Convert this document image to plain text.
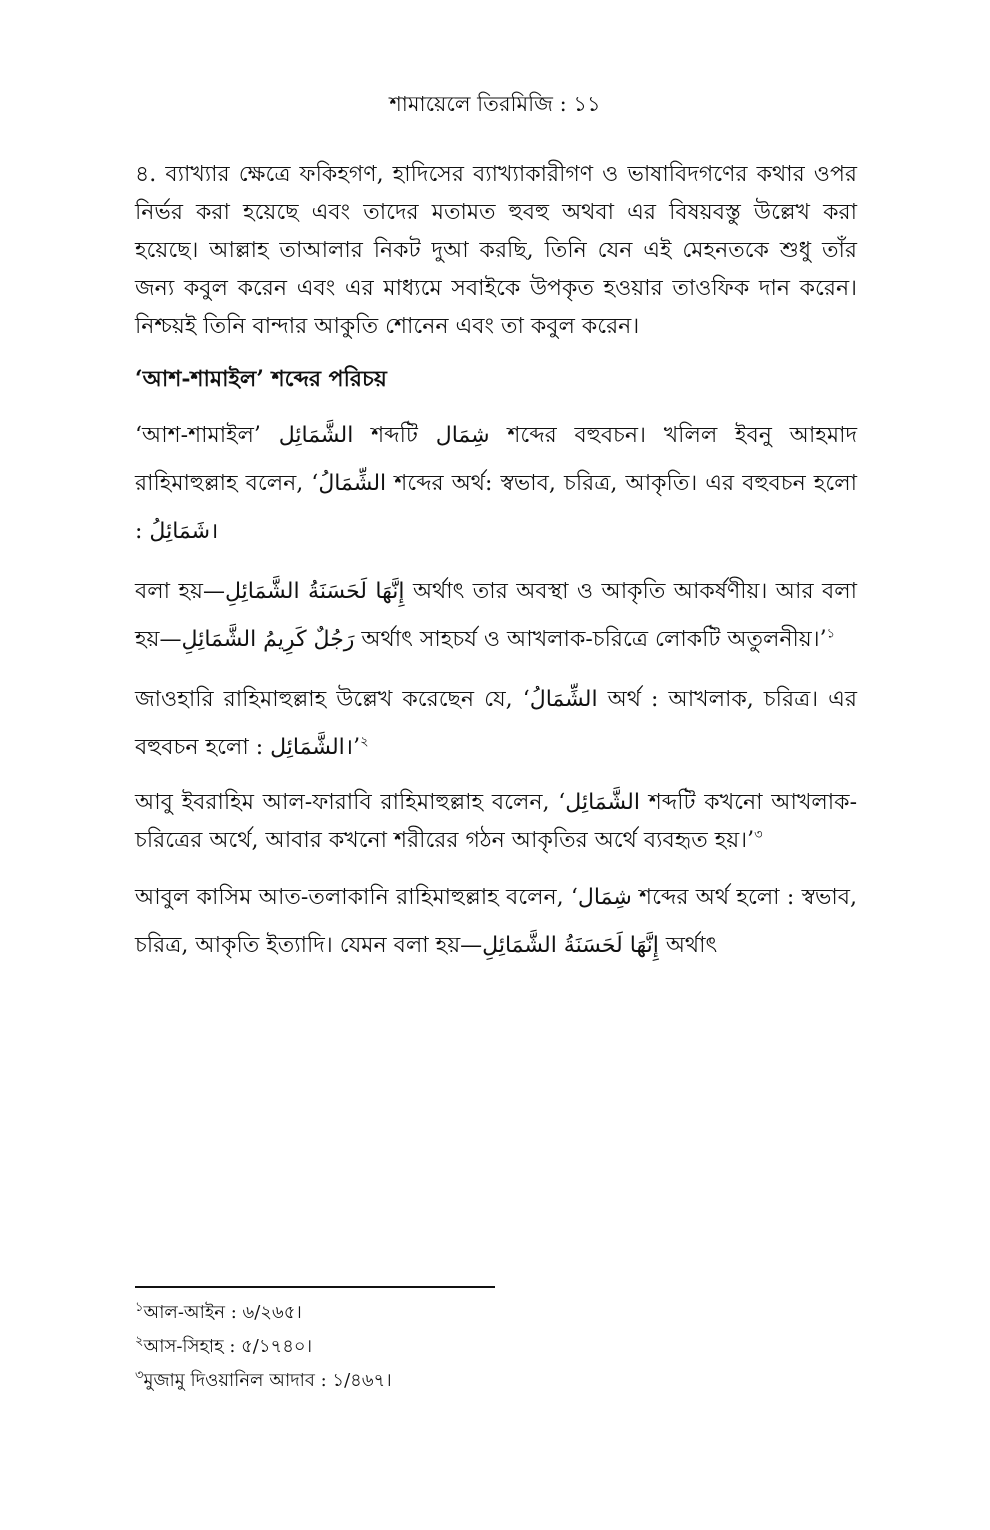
শামায়েলে তিরমিজি : ১১

৪. ব্যাখ্যার ক্ষেত্রে ফকিহগণ, হাদিসের ব্যাখ্যাকারীগণ ও ভাষাবিদগণের কথার ওপর নির্ভর করা হয়েছে এবং তাদের মতামত হুবহু অথবা এর বিষয়বস্তু উল্লেখ করা হয়েছে। আল্লাহ তাআলার নিকট দুআ করছি, তিনি যেন এই মেহনতকে শুধু তাঁর জন্য কবুল করেন এবং এর মাধ্যমে সবাইকে উপকৃত হওয়ার তাওফিক দান করেন। নিশ্চয়ই তিনি বান্দার আকুতি শোনেন এবং তা কবুল করেন।

‘আশ-শামাইল’ শব্দের পরিচয়

‘আশ-শামাইল’ الشَّمَائِل শব্দটি شِمَال শব্দের বহুবচন। খলিল ইবনু আহমাদ রাহিমাহুল্লাহ বলেন, ‘الشِّمَالُ শব্দের অর্থ: স্বভাব, চরিত্র, আকৃতি। এর বহুবচন হলো : شَمَائِلُ।

বলা হয়—إِنَّهَا لَحَسَنَةُ الشَّمَائِلِ অর্থাৎ তার অবস্থা ও আকৃতি আকর্ষণীয়। আর বলা হয়—رَجُلٌ كَرِيمُ الشَّمَائِلِ অর্থাৎ সাহচর্য ও আখলাক-চরিত্রে লোকটি অতুলনীয়।’$^১$

জাওহারি রাহিমাহুল্লাহ উল্লেখ করেছেন যে, ‘الشِّمَالُ অর্থ : আখলাক, চরিত্র। এর বহুবচন হলো : الشَّمَائِل।’$^২$

আবু ইবরাহিম আল-ফারাবি রাহিমাহুল্লাহ বলেন, ‘الشَّمَائِل শব্দটি কখনো আখলাক-চরিত্রের অর্থে, আবার কখনো শরীরের গঠন আকৃতির অর্থে ব্যবহৃত হয়।’$^৩$

আবুল কাসিম আত-তলাকানি রাহিমাহুল্লাহ বলেন, ‘شِمَال শব্দের অর্থ হলো : স্বভাব, চরিত্র, আকৃতি ইত্যাদি। যেমন বলা হয়—إِنَّهَا لَحَسَنَةُ الشَّمَائِلِ অর্থাৎ

$^১$আল-আইন : ৬/২৬৫।
$^২$আস-সিহাহ : ৫/১৭৪০।
$^৩$মুজামু দিওয়ানিল আদাব : ১/৪৬৭।
